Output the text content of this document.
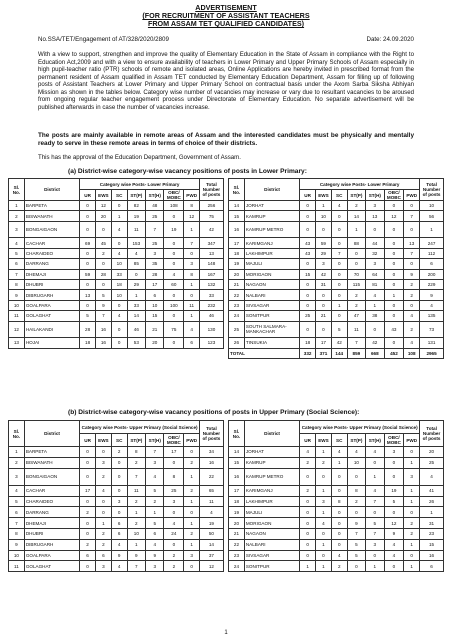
ADVERTISEMENT
(FOR RECRUITMENT OF ASSISTANT TEACHERS
FROM ASSAM TET QUALIFIED CANDIDATES)
No.SSA/TET/Engagement of AT/328/2020/2809	Date: 24.09.2020
With a view to support, strengthen and improve the quality of Elementary Education in the State of Assam in compliance with the Right to Education Act,2009 and with a view to ensure availability of teachers in Lower Primary and Upper Primary Schools of Assam especially in high pupil-teacher ratio (PTR) schools of remote and isolated areas, Online Applications are hereby invited in prescribed format from the permanent resident of Assam qualified in Assam TET conducted by Elementary Education Department, Assam for filling up of following posts of Assistant Teachers at Lower Primary and Upper Primary School on contractual basis under the Axom Sarba Siksha Abhiyan Mission as shown in the tables below. Category wise number of vacancies may increase or vary due to resultant vacancies to be aroused from ongoing regular teacher engagement process under Directorate of Elementary Education. No separate advertisement will be published afterwards in case the number of vacancies increase.
The posts are mainly available in remote areas of Assam and the interested candidates must be physically and mentally ready to serve in these remote areas in terms of choice of their districts.
This has the approval of the Education Department, Government of Assam.
(a) District-wise category-wise vacancy positions of posts in Lower Primary:
Sl. No.	District	Category wise Posts- Lower Primary							Total Number of posts		Sl. No.	District	Category wise Posts- Lower Primary							Total Number of posts
		UR	EWS	SC	ST(P)	ST(H)	OBC/ MOBC	PWD					UR	EWS	SC	ST(P)	ST(H)	OBC/ MOBC	PWD	
1	BARPETA	0	12	0	82	48	108	8	256		14	JORHAT	0	1	4	2	3	0	0	10
2	BISWANATH	0	20	1	19	25	0	12	75		15	KAMRUP	0	10	0	14	13	12	7	56
3	BONGAIGAON	0	0	4	11	7	19	1	42		16	KAMRUP METRO	0	0	0	1	0	0	0	1
4	CACHAR	69	45	0	153	25	0	7	347		17	KARIMGANJ	43	59	0	88	44	0	13	247
5	CHARAIDEO	0	2	4	4	3	0	0	13		18	LAKHIMPUR	43	29	7	0	32	0	7	112
6	DARRANG	0	0	10	85	35	0	3	148		19	MAJULI	0	3	0	0	3	0	0	6
7	DHEMAJI	59	28	33	0	28	4	8	167		20	MORIGAON	15	42	0	70	64	0	9	200
8	DHUBRI	0	0	18	29	17	60	1	132		21	NAGAON	0	31	0	115	81	0	2	229
9	DIBRUGARH	13	5	10	1	6	0	0	33		22	NALBARI	0	0	0	2	4	1	2	9
10	GOALPARA	0	9	0	33	10	100	11	232		23	SIVSAGAR	0	0	1	2	1	0	0	4
11	GOLAGHAT	5	7	4	14	15	0	1	46		24	SONITPUR	25	21	0	47	38	0	4	135
12	HAILAKANDI	28	16	0	46	21	75	4	130		25	SOUTH SALMARA-MANKACHAR	0	0	5	11	0	43	2	73
13	HOJAI	18	16	0	53	20	0	6	123		26	TINSUKIA	18	17	42	7	42	0	4	131
											TOTAL		332	371	144	859	668	452	108	2965
(b) District-wise category-wise vacancy positions of posts in Upper Primary (Social Science):
Sl. No.	District	Category wise Posts- Upper Primary (Social Science)							Total Number of posts		Sl. No.	District	Category wise Posts- Upper Primary (Social Science)							Total Number of posts
		UR	EWS	SC	ST(P)	ST(H)	OBC/ MOBC	PWD					UR	EWS	SC	ST(P)	ST(H)	OBC/ MOBC	PWD	
1	BARPETA	0	0	2	8	7	17	0	34		14	JORHAT	4	1	4	4	4	3	0	20
2	BISWANATH	0	3	0	2	3	0	2	16		15	KAMRUP	2	2	1	10	0	0	1	25
3	BONGAIGAON	0	2	0	7	4	8	1	22		16	KAMRUP METRO	0	0	0	0	1	0	3	4
4	CACHAR	17	4	0	11	5	25	2	65		17	KARIMGANJ	2	1	0	8	4	19	1	41
5	CHARAIDEO	0	0	3	2	2	3	1	11		18	LAKHIMPUR	0	3	8	2	7	5	1	26
6	DARRANG	2	0	0	1	1	0	0	4		19	MAJULI	0	1	0	0	0	0	0	1
7	DHEMAJI	0	1	6	2	5	4	1	19		20	MORIGAON	0	4	0	9	5	12	2	31
8	DHUBRI	0	2	6	10	6	24	2	50		21	NAGAON	0	0	0	7	7	9	2	23
9	DIBRUGARH	2	2	4	1	4	0	1	14		22	NALBARI	0	1	0	5	3	4	1	15
10	GOALPARA	6	6	9	9	9	2	3	37		23	SIVSAGAR	0	0	4	5	0	4	0	16
11	GOLAGHAT	0	3	4	7	3	2	0	12		24	SONITPUR	1	1	2	0	1	0	1	6
1
